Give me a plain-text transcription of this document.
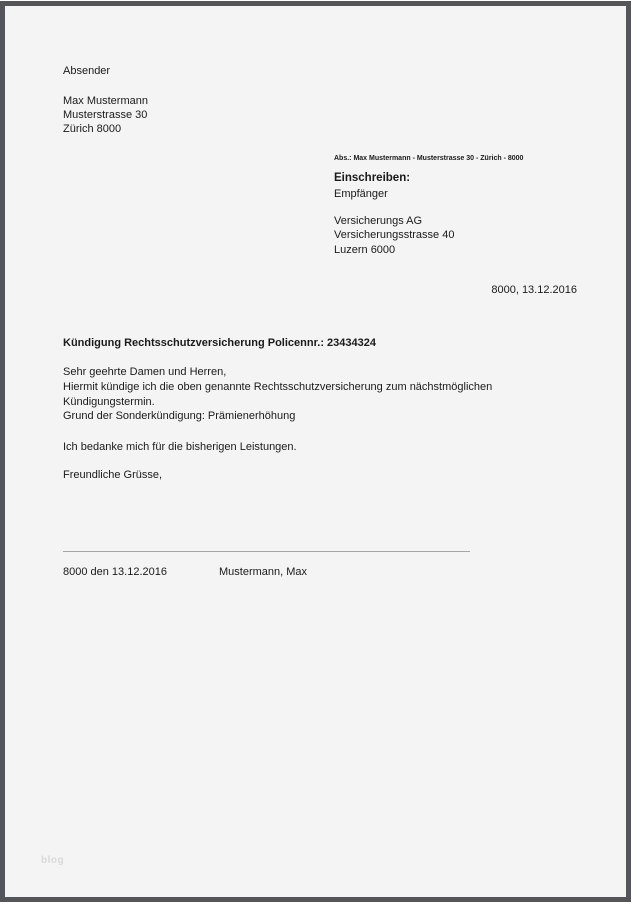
Absender
Max Mustermann
Musterstrasse 30
Zürich 8000
Abs.: Max Mustermann - Musterstrasse 30 - Zürich - 8000
Einschreiben:
Empfänger
Versicherungs AG
Versicherungsstrasse 40
Luzern 6000
8000, 13.12.2016
Kündigung Rechtsschutzversicherung Policennr.: 23434324
Sehr geehrte Damen und Herren,
Hiermit kündige ich die oben genannte Rechtsschutzversicherung zum nächstmöglichen
Kündigungstermin.
Grund der Sonderkündigung: Prämienerhöhung
Ich bedanke mich für die bisherigen Leistungen.
Freundliche Grüsse,
8000 den 13.12.2016	Mustermann, Max
blog
